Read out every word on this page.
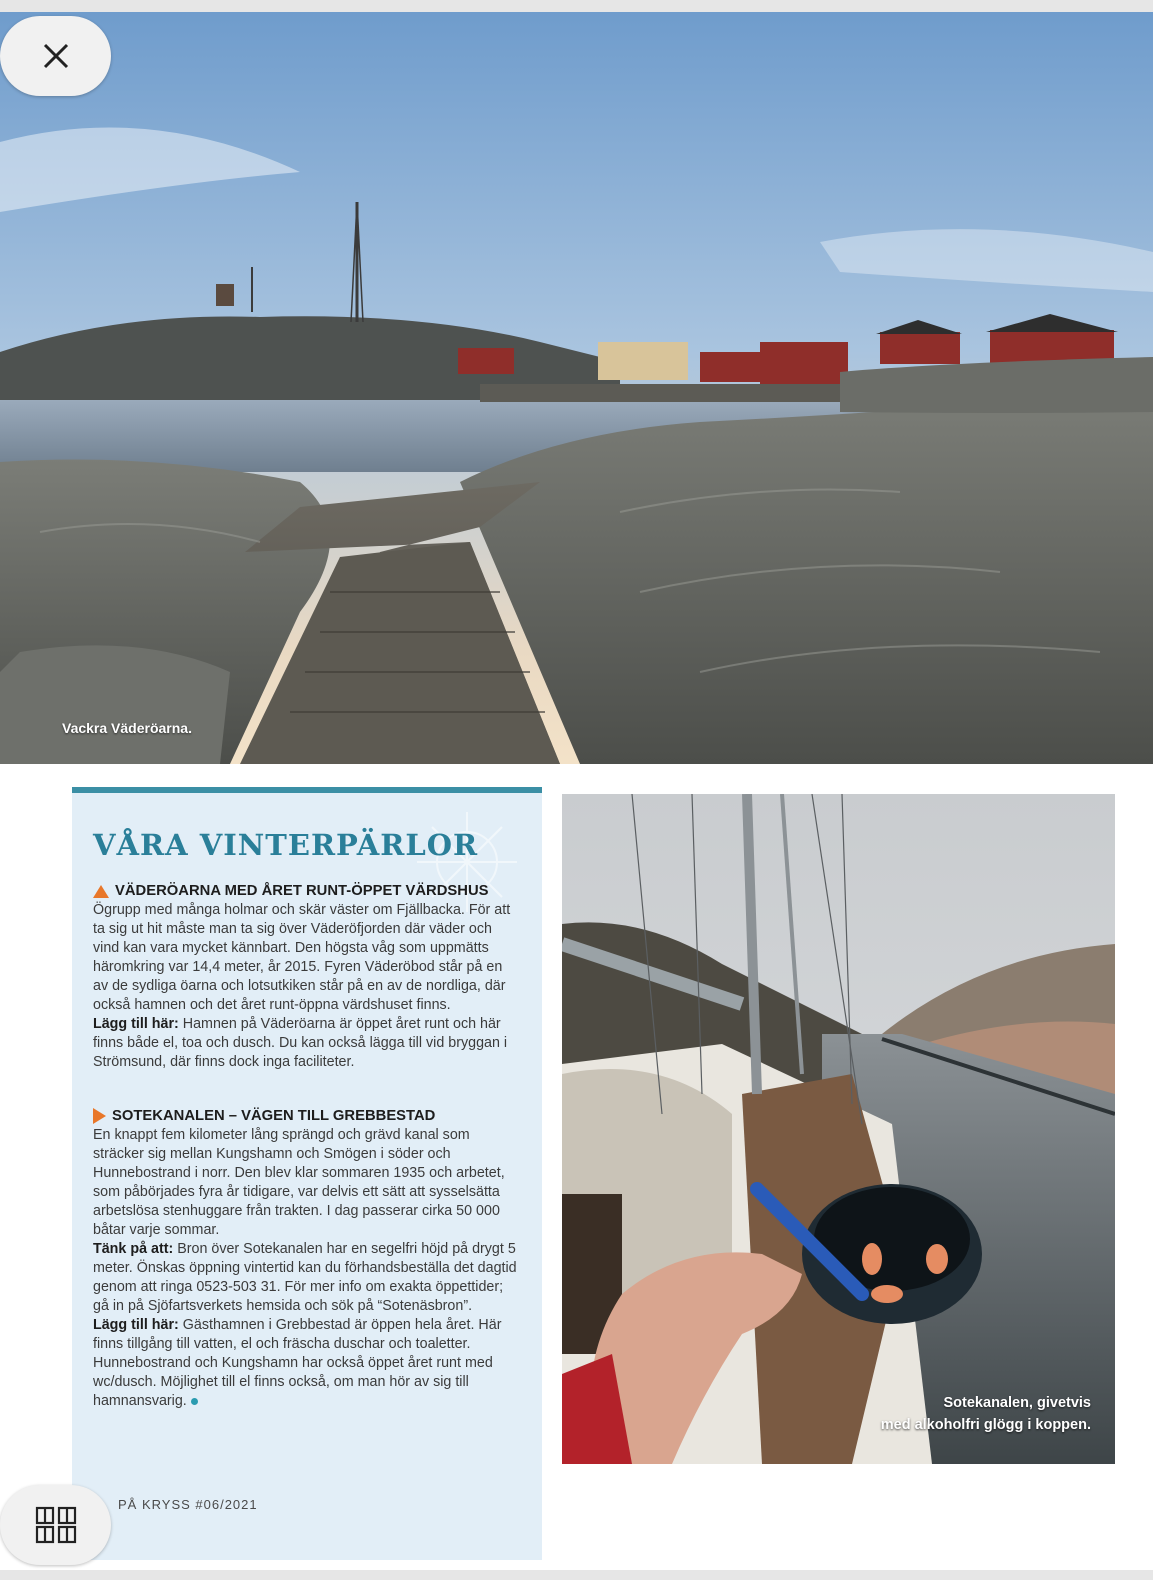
Vackra Väderöarna.
VÅRA VINTERPÄRLOR
VÄDERÖARNA MED ÅRET RUNT-ÖPPET VÄRDSHUS

Ögrupp med många holmar och skär väster om Fjällbacka. För att ta sig ut hit måste man ta sig över Väderöfjorden där väder och vind kan vara mycket kännbart. Den högsta våg som uppmätts häromkring var 14,4 meter, år 2015. Fyren Väderöbod står på en av de sydliga öarna och lotsutkiken står på en av de nordliga, där också hamnen och det året runt-öppna värdshuset finns.

Lägg till här: Hamnen på Väderöarna är öppet året runt och här finns både el, toa och dusch. Du kan också lägga till vid bryggan i Strömsund, där finns dock inga faciliteter.

SOTEKANALEN – VÄGEN TILL GREBBESTAD

En knappt fem kilometer lång sprängd och grävd kanal som sträcker sig mellan Kungshamn och Smögen i söder och Hunnebostrand i norr. Den blev klar sommaren 1935 och arbetet, som påbörjades fyra år tidigare, var delvis ett sätt att sysselsätta arbetslösa stenhuggare från trakten. I dag passerar cirka 50 000 båtar varje sommar.

Tänk på att: Bron över Sotekanalen har en segelfri höjd på drygt 5 meter. Önskas öppning vintertid kan du förhandsbeställa det dagtid genom att ringa 0523-503 31. För mer info om exakta öppettider; gå in på Sjöfartsverkets hemsida och sök på “Sotenäsbron”.

Lägg till här: Gästhamnen i Grebbestad är öppen hela året. Här finns tillgång till vatten, el och fräscha duschar och toaletter. Hunnebostrand och Kungshamn har också öppet året runt med wc/dusch. Möjlighet till el finns också, om man hör av sig till hamnansvarig.

PÅ KRYSS #06/2021
Sotekanalen, givetvis
med alkoholfri glögg i koppen.
